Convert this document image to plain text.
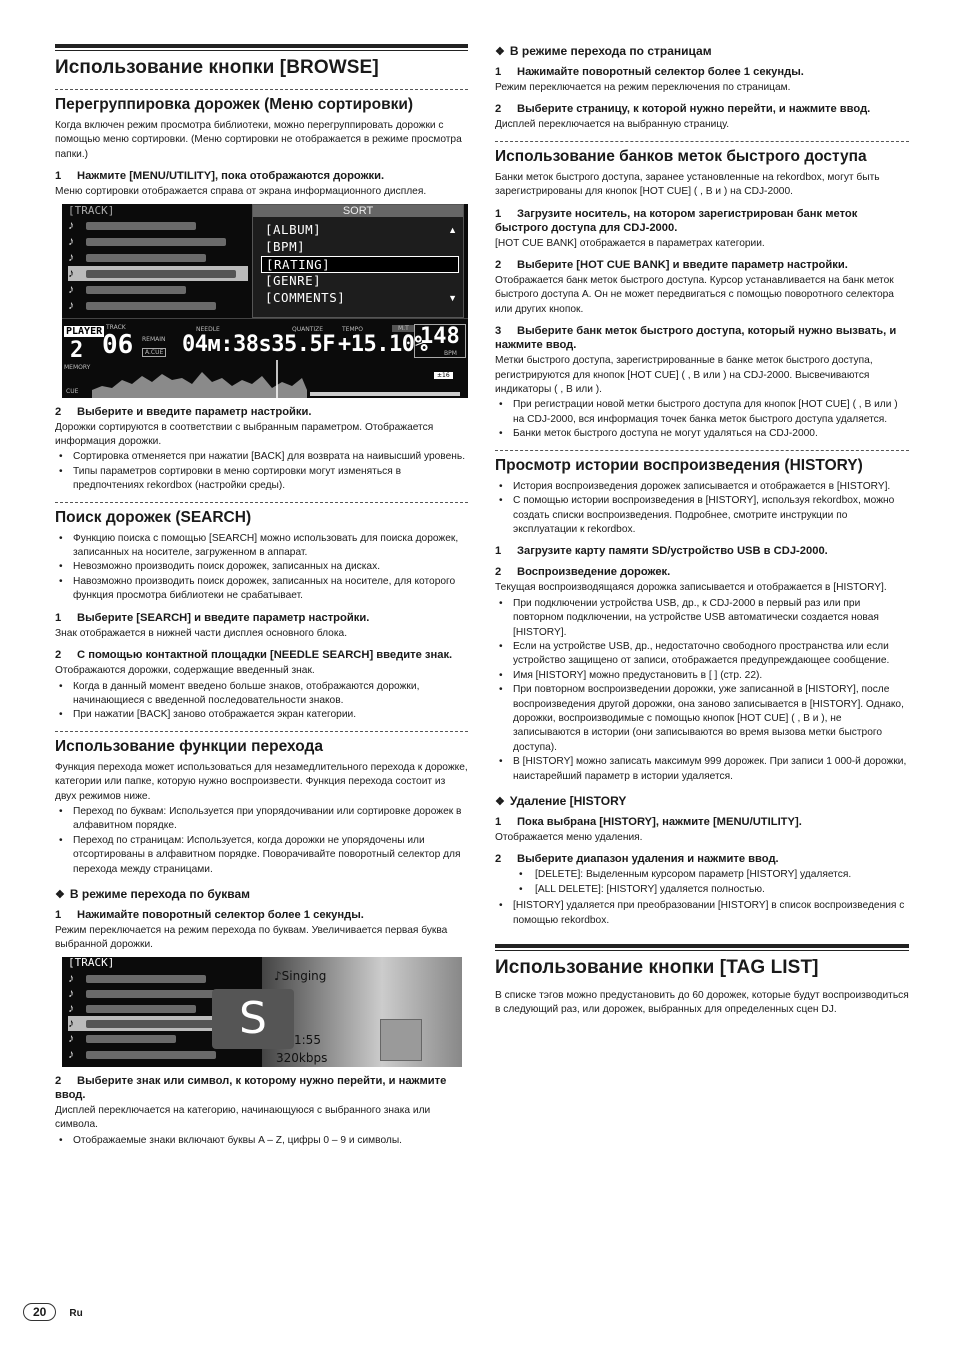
Использование кнопки [BROWSE]
Перегруппировка дорожек (Меню сортировки)

Когда включен режим просмотра библиотеки, можно перегруппировать дорожки с помощью меню сортировки. (Меню сортировки не отображается в режиме просмотра папки.)

1 Нажмите [MENU/UTILITY], пока отображаются дорожки.

Меню сортировки отображается справа от экрана информационного дисплея.

[TRACK]
♪
♪
♪
♪
♪
♪
SORT
[ALBUM]
[BPM]
[RATING]
[GENRE]
[COMMENTS]
▲
▼
PLAYER
2
TRACK
06 REMAIN
A.CUE
NEEDLE	QUANTIZE	TEMPO	M.T
04м:38s35.5F +15.10%
148
BPM
MEMORY
CUE
±16
2 Выберите и введите параметр настройки.

Дорожки сортируются в соответствии с выбранным параметром. Отображается информация дорожки.

• Сортировка отменяется при нажатии [BACK] для возврата на наивысший уровень.
• Типы параметров сортировки в меню сортировки могут изменяться в предпочтениях rekordbox (настройки среды).
Поиск дорожек (SEARCH)
• Функцию поиска с помощью [SEARCH] можно использовать для поиска дорожек, записанных на носителе, загруженном в аппарат.
• Невозможно производить поиск дорожек, записанных на дисках.
• Навозможно производить поиск дорожек, записанных на носителе, для которого функция просмотра библиотеки не срабатывает.
1 Выберите [SEARCH] и введите параметр настройки.

Знак отображается в нижней части дисплея основного блока.

2 С помощью контактной площадки [NEEDLE SEARCH] введите знак.

Отображаются дорожки, содержащие введенный знак.

• Когда в данный момент введено больше знаков, отображаются дорожки, начинающиеся с введенной последовательности знаков.
• При нажатии [BACK] заново отображается экран категории.
Использование функции перехода

Функция перехода может использоваться для незамедлительного перехода к дорожке, категории или папке, которую нужно воспроизвести. Функция перехода состоит из двух режимов ниже.

• Переход по буквам: Используется при упорядочивании или сортировке дорожек в алфавитном порядке.
• Переход по страницам: Используется, когда дорожки не упорядочены или отсортированы в алфавитном порядке. Поворачивайте поворотный селектор для перехода между страницами.
❖ В режиме перехода по буквам
1 Нажимайте поворотный селектор более 1 секунды.

Режим переключается на режим перехода по буквам. Увеличивается первая буква выбранной дорожки.

[TRACK]
♪
♪
♪
♪
♪
♪
♪Singing
S	1:55
320kbps
2 Выберите знак или символ, к которому нужно перейти, и нажмите ввод.

Дисплей переключается на категорию, начинающуюся с выбранного знака или символа.

• Отображаемые знаки включают буквы A – Z, цифры 0 – 9 и символы.
❖ В режиме перехода по страницам
1 Нажимайте поворотный селектор более 1 секунды.

Режим переключается на режим переключения по страницам.

2 Выберите страницу, к которой нужно перейти, и нажмите ввод.

Дисплей переключается на выбранную страницу.

Использование банков меток быстрого доступа

Банки меток быстрого доступа, заранее установленные на rekordbox, могут быть зарегистрированы для кнопок [HOT CUE] ( , B и ) на CDJ-2000.

1 Загрузите носитель, на котором зарегистрирован банк меток быстрого доступа для CDJ-2000.

[HOT CUE BANK] отображается в параметрах категории.

2 Выберите [HOT CUE BANK] и введите параметр настройки.

Отображается банк меток быстрого доступа. Курсор устанавливается на банк меток быстрого доступа A. Он не может передвигаться с помощью поворотного селектора или других кнопок.

3 Выберите банк меток быстрого доступа, который нужно вызвать, и нажмите ввод.

Метки быстрого доступа, зарегистрированные в банке меток быстрого доступа, регистрируются для кнопок [HOT CUE] ( , B или ) на CDJ-2000. Высвечиваются индикаторы ( , B или ).

• При регистрации новой метки быстрого доступа для кнопок [HOT CUE] ( , B или ) на CDJ-2000, вся информация точек банка меток быстрого доступа удаляется.
• Банки меток быстрого доступа не могут удаляться на CDJ-2000.
Просмотр истории воспроизведения (HISTORY)
• История воспроизведения дорожек записывается и отображается в [HISTORY].
• С помощью истории воспроизведения в [HISTORY], используя rekordbox, можно создать списки воспроизведения. Подробнее, смотрите инструкции по эксплуатации к rekordbox.
1 Загрузите карту памяти SD/устройство USB в CDJ-2000.
2 Воспроизведение дорожек.

Текущая воспроизводящаяся дорожка записывается и отображается в [HISTORY].

• При подключении устройства USB, др., к CDJ-2000 в первый раз или при повторном подключении, на устройстве USB автоматически создается новая [HISTORY].
• Если на устройстве USB, др., недостаточно свободного пространства или если устройство защищено от записи, отображается предупреждающее сообщение.
• Имя [HISTORY] можно предустановить в [ ] (стр. 22).
• При повторном воспроизведении дорожки, уже записанной в [HISTORY], после воспроизведения другой дорожки, она заново записывается в [HISTORY]. Однако, дорожки, воспроизводимые с помощью кнопок [HOT CUE] ( , B и ), не записываются в истории (они записываются во время вызова метки быстрого доступа).
• В [HISTORY] можно записать максимум 999 дорожек. При записи 1 000-й дорожки, наистарейший параметр в истории удаляется.
❖ Удаление [HISTORY
1 Пока выбрана [HISTORY], нажмите [MENU/UTILITY].

Отображается меню удаления.

2 Выберите диапазон удаления и нажмите ввод.
• [DELETE]: Выделенным курсором параметр [HISTORY] удаляется.
• [ALL DELETE]: [HISTORY] удаляется полностью.
• [HISTORY] удаляется при преобразовании [HISTORY] в список воспроизведения с помощью rekordbox.
Использование кнопки [TAG LIST]

В списке тэгов можно предустановить до 60 дорожек, которые будут воспроизводиться в следующий раз, или дорожек, выбранных для определенных сцен DJ.

20 Ru
